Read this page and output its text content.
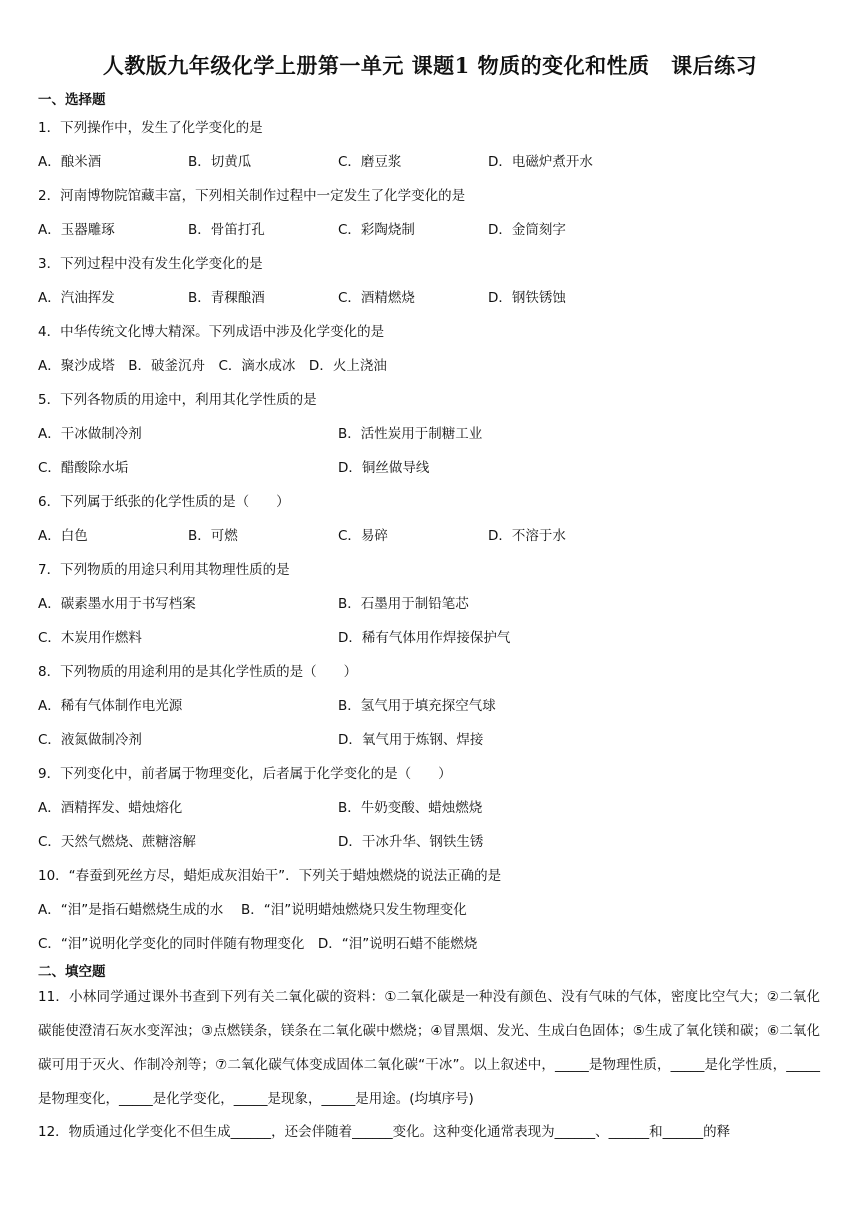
人教版九年级化学上册第一单元 课题1 物质的变化和性质　课后练习
一、选择题
1．下列操作中，发生了化学变化的是
A．酿米酒	B．切黄瓜	C．磨豆浆	D．电磁炉煮开水
2．河南博物院馆藏丰富，下列相关制作过程中一定发生了化学变化的是
A．玉器雕琢	B．骨笛打孔	C．彩陶烧制	D．金筒刻字
3．下列过程中没有发生化学变化的是
A．汽油挥发	B．青稞酿酒	C．酒精燃烧	D．钢铁锈蚀
4．中华传统文化博大精深。下列成语中涉及化学变化的是
A．聚沙成塔　B．破釜沉舟　C．滴水成冰　D．火上浇油
5．下列各物质的用途中，利用其化学性质的是
A．干冰做制冷剂	B．活性炭用于制糖工业
C．醋酸除水垢	D．铜丝做导线
6．下列属于纸张的化学性质的是（　　）
A．白色	B．可燃	C．易碎	D．不溶于水
7．下列物质的用途只利用其物理性质的是
A．碳素墨水用于书写档案	B．石墨用于制铅笔芯
C．木炭用作燃料	D．稀有气体用作焊接保护气
8．下列物质的用途利用的是其化学性质的是（　　）
A．稀有气体制作电光源	B．氢气用于填充探空气球
C．液氮做制冷剂	D．氧气用于炼钢、焊接
9．下列变化中，前者属于物理变化，后者属于化学变化的是（　　）
A．酒精挥发、蜡烛熔化	B．牛奶变酸、蜡烛燃烧
C．天然气燃烧、蔗糖溶解	D．干冰升华、钢铁生锈
10．“春蚕到死丝方尽，蜡炬成灰泪始干”．下列关于蜡烛燃烧的说法正确的是
A．“泪”是指石蜡燃烧生成的水　 B．“泪”说明蜡烛燃烧只发生物理变化
C．“泪”说明化学变化的同时伴随有物理变化　D．“泪”说明石蜡不能燃烧
二、填空题
11．小林同学通过课外书查到下列有关二氧化碳的资料：①二氧化碳是一种没有颜色、没有气味的气体，密度比空气大；②二氧化碳能使澄清石灰水变浑浊；③点燃镁条，镁条在二氧化碳中燃烧；④冒黑烟、发光、生成白色固体；⑤生成了氧化镁和碳；⑥二氧化碳可用于灭火、作制冷剂等；⑦二氧化碳气体变成固体二氧化碳“干冰”。以上叙述中，_____是物理性质，_____是化学性质，_____是物理变化，_____是化学变化，_____是现象，_____是用途。(均填序号)
12．物质通过化学变化不但生成______，还会伴随着______变化。这种变化通常表现为______、______和______的释
